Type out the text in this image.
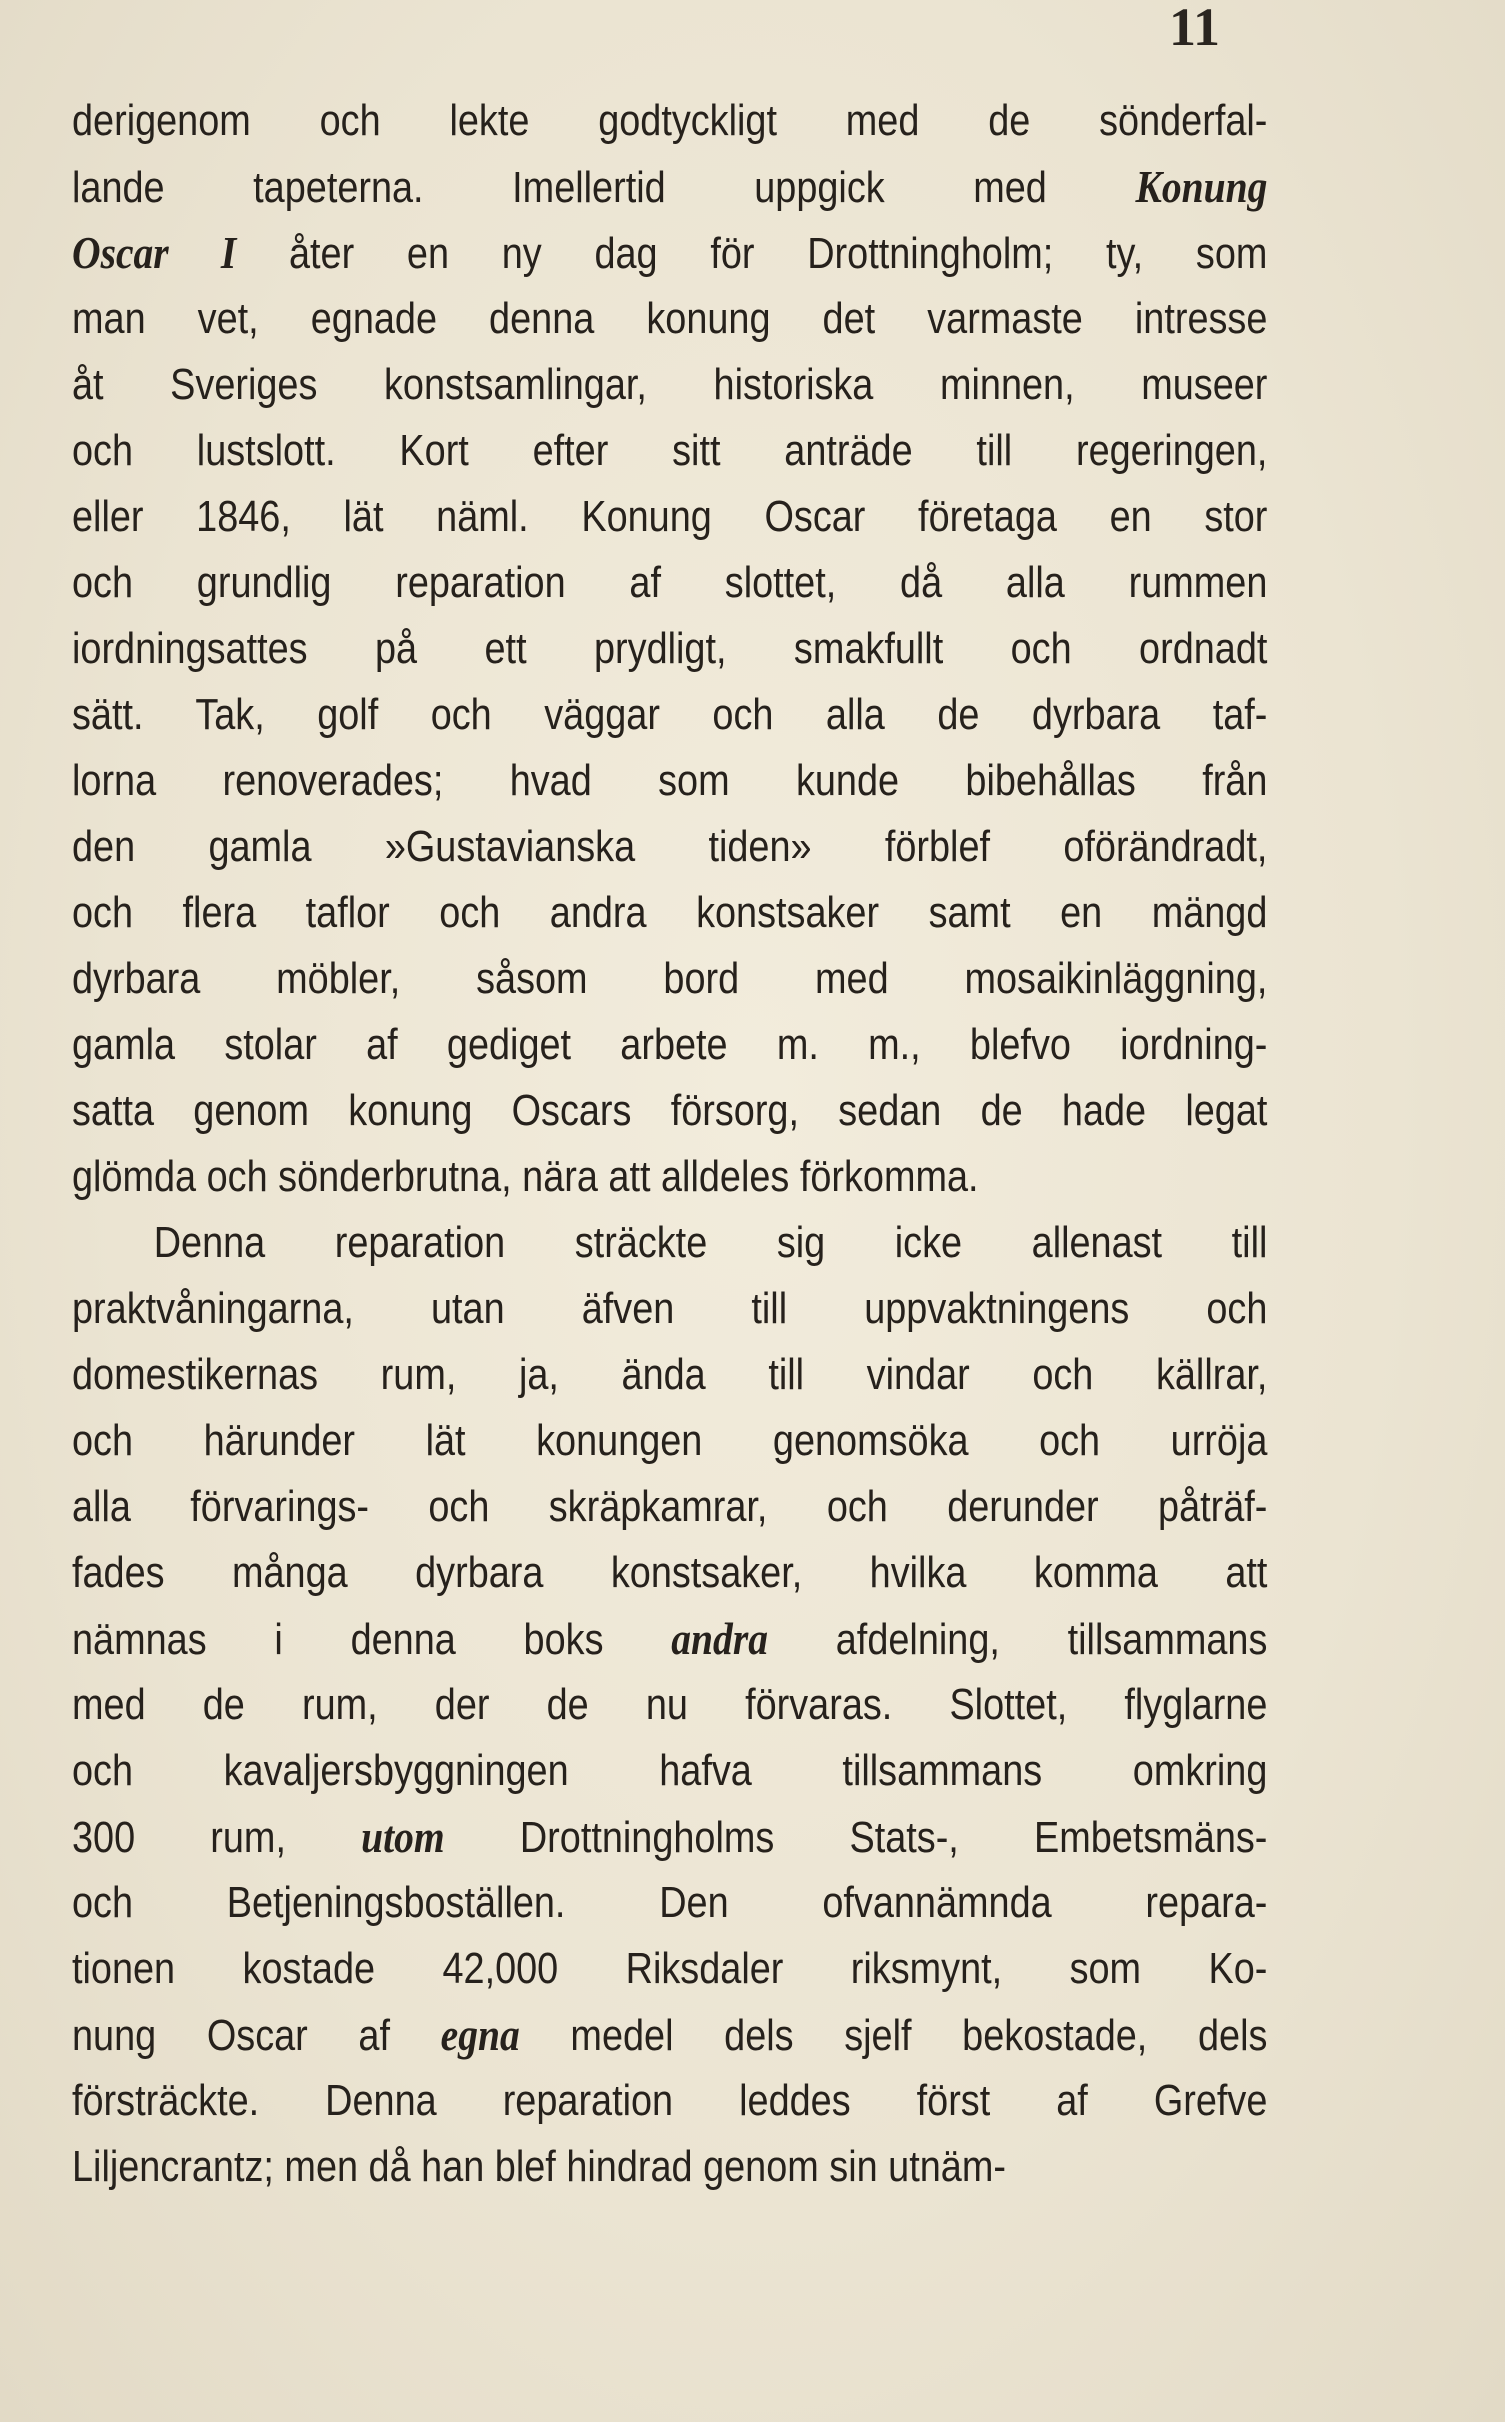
11
derigenom och lekte godtyckligt med de sönderfal-
lande tapeterna. Imellertid uppgick med Konung
Oscar I åter en ny dag för Drottningholm; ty, som
man vet, egnade denna konung det varmaste intresse
åt Sveriges konstsamlingar, historiska minnen, museer
och lustslott. Kort efter sitt anträde till regeringen,
eller 1846, lät näml. Konung Oscar företaga en stor
och grundlig reparation af slottet, då alla rummen
iordningsattes på ett prydligt, smakfullt och ordnadt
sätt. Tak, golf och väggar och alla de dyrbara taf-
lorna renoverades; hvad som kunde bibehållas från
den gamla »Gustavianska tiden» förblef oförändradt,
och flera taflor och andra konstsaker samt en mängd
dyrbara möbler, såsom bord med mosaikinläggning,
gamla stolar af gediget arbete m. m., blefvo iordning-
satta genom konung Oscars försorg, sedan de hade legat
glömda och sönderbrutna, nära att alldeles förkomma.
Denna reparation sträckte sig icke allenast till
praktvåningarna, utan äfven till uppvaktningens och
domestikernas rum, ja, ända till vindar och källrar,
och härunder lät konungen genomsöka och urröja
alla förvarings- och skräpkamrar, och derunder påträf-
fades många dyrbara konstsaker, hvilka komma att
nämnas i denna boks andra afdelning, tillsammans
med de rum, der de nu förvaras. Slottet, flyglarne
och kavaljersbyggningen hafva tillsammans omkring
300 rum, utom Drottningholms Stats-, Embetsmäns-
och Betjeningsboställen. Den ofvannämnda repara-
tionen kostade 42,000 Riksdaler riksmynt, som Ko-
nung Oscar af egna medel dels sjelf bekostade, dels
försträckte. Denna reparation leddes först af Grefve
Liljencrantz; men då han blef hindrad genom sin utnäm-
